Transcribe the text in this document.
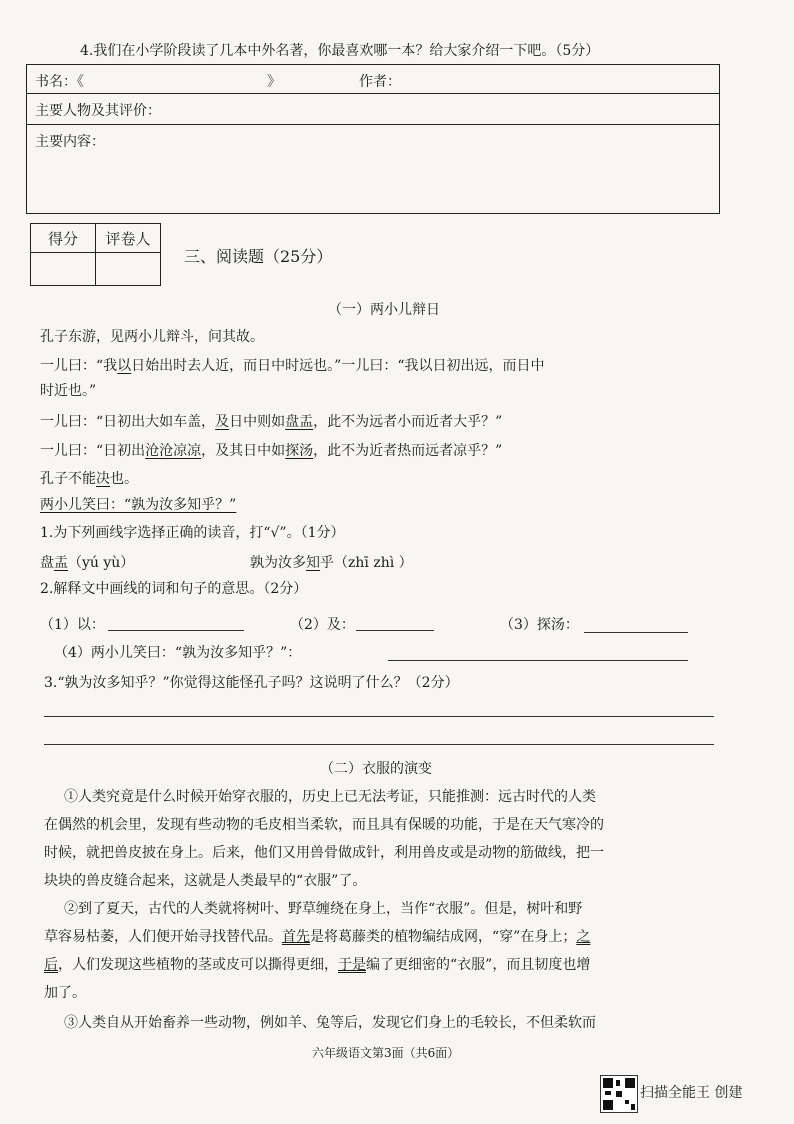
4.我们在小学阶段读了几本中外名著，你最喜欢哪一本？给大家介绍一下吧。（5分）
书名：《	》	作者：
主要人物及其评价：
主要内容：
得分	评卷人

三、阅读题（25分）
（一）两小儿辩日
孔子东游，见两小儿辩斗，问其故。
一儿曰：“我以日始出时去人近，而日中时远也。”一儿曰：“我以日初出远，而日中
时近也。”
一儿曰：“日初出大如车盖，及日中则如盘盂，此不为远者小而近者大乎？”
一儿曰：“日初出沧沧凉凉，及其日中如探汤，此不为近者热而远者凉乎？”
孔子不能决也。
两小儿笑曰：“孰为汝多知乎？”
1.为下列画线字选择正确的读音，打“√”。（1分）
盘盂（yú yù）	孰为汝多知乎（zhī zhì ）
2.解释文中画线的词和句子的意思。（2分）
（1）以：	（2）及：	（3）探汤：
（4）两小儿笑曰：“孰为汝多知乎？”：
3.“孰为汝多知乎？”你觉得这能怪孔子吗？这说明了什么？（2分）
（二）衣服的演变
①人类究竟是什么时候开始穿衣服的，历史上已无法考证，只能推测：远古时代的人类
在偶然的机会里，发现有些动物的毛皮相当柔软，而且具有保暖的功能，于是在天气寒冷的
时候，就把兽皮披在身上。后来，他们又用兽骨做成针，利用兽皮或是动物的筋做线，把一
块块的兽皮缝合起来，这就是人类最早的“衣服”了。
②到了夏天，古代的人类就将树叶、野草缠绕在身上，当作“衣服”。但是，树叶和野
草容易枯萎，人们便开始寻找替代品。首先是将葛藤类的植物编结成网，“穿”在身上；之
后，人们发现这些植物的茎或皮可以撕得更细，于是编了更细密的“衣服”，而且韧度也增
加了。
③人类自从开始畜养一些动物，例如羊、兔等后，发现它们身上的毛较长，不但柔软而
六年级语文第3面（共6面）
扫描全能王 创建
